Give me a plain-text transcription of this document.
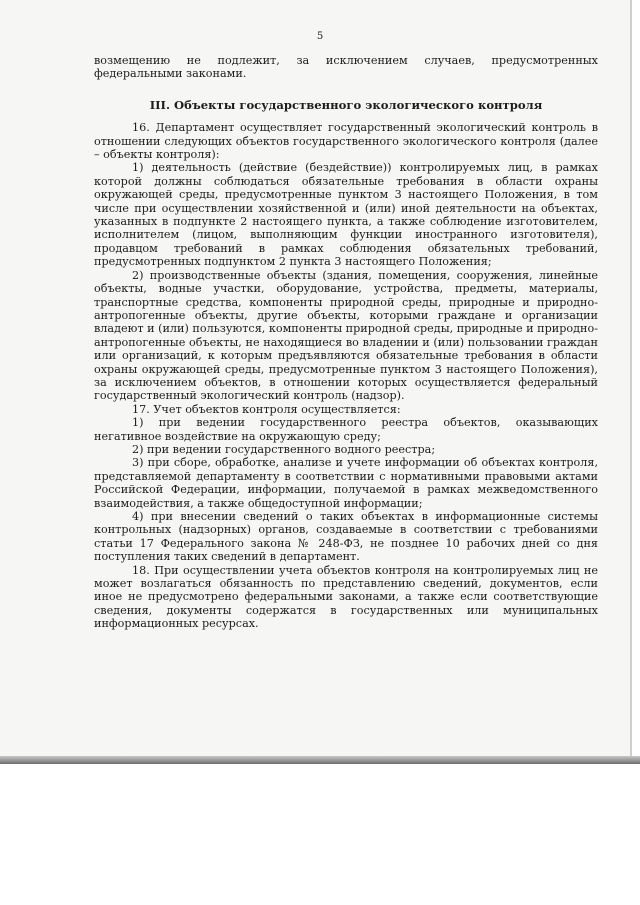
5

возмещению не подлежит, за исключением случаев, предусмотренных федеральными законами.

III. Объекты государственного экологического контроля

16. Департамент осуществляет государственный экологический контроль в отношении следующих объектов государственного экологического контроля (далее – объекты контроля):

1) деятельность (действие (бездействие)) контролируемых лиц, в рамках которой должны соблюдаться обязательные требования в области охраны окружающей среды, предусмотренные пунктом 3 настоящего Положения, в том числе при осуществлении хозяйственной и (или) иной деятельности на объектах, указанных в подпункте 2 настоящего пункта, а также соблюдение изготовителем, исполнителем (лицом, выполняющим функции иностранного изготовителя), продавцом требований в рамках соблюдения обязательных требований, предусмотренных подпунктом 2 пункта 3 настоящего Положения;

2) производственные объекты (здания, помещения, сооружения, линейные объекты, водные участки, оборудование, устройства, предметы, материалы, транспортные средства, компоненты природной среды, природные и природно-антропогенные объекты, другие объекты, которыми граждане и организации владеют и (или) пользуются, компоненты природной среды, природные и природно-антропогенные объекты, не находящиеся во владении и (или) пользовании граждан или организаций, к которым предъявляются обязательные требования в области охраны окружающей среды, предусмотренные пунктом 3 настоящего Положения), за исключением объектов, в отношении которых осуществляется федеральный государственный экологический контроль (надзор).

17. Учет объектов контроля осуществляется:

1) при ведении государственного реестра объектов, оказывающих негативное воздействие на окружающую среду;

2) при ведении государственного водного реестра;

3) при сборе, обработке, анализе и учете информации об объектах контроля, представляемой департаменту в соответствии с нормативными правовыми актами Российской Федерации, информации, получаемой в рамках межведомственного взаимодействия, а также общедоступной информации;

4) при внесении сведений о таких объектах в информационные системы контрольных (надзорных) органов, создаваемые в соответствии с требованиями статьи 17 Федерального закона № 248-ФЗ, не позднее 10 рабочих дней со дня поступления таких сведений в департамент.

18. При осуществлении учета объектов контроля на контролируемых лиц не может возлагаться обязанность по представлению сведений, документов, если иное не предусмотрено федеральными законами, а также если соответствующие сведения, документы содержатся в государственных или муниципальных информационных ресурсах.
